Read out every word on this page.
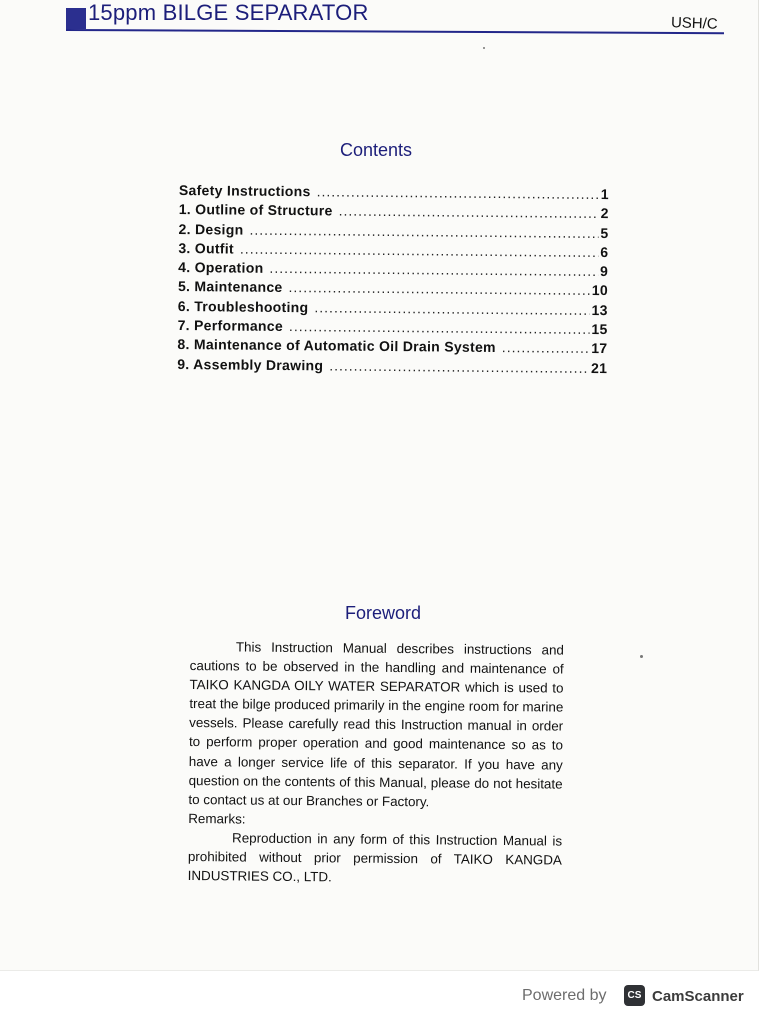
15ppm BILGE SEPARATOR	USH/C
Contents
Safety Instructions .....	1
1. Outline of Structure .....	2
2. Design .....	5
3. Outfit .....	6
4. Operation .....	9
5. Maintenance .....	10
6. Troubleshooting .....	13
7. Performance .....	15
8. Maintenance of Automatic Oil Drain System .....	17
9. Assembly Drawing .....	21
Foreword

This Instruction Manual describes instructions and cautions to be observed in the handling and maintenance of TAIKO KANGDA OILY WATER SEPARATOR which is used to treat the bilge produced primarily in the engine room for marine vessels. Please carefully read this Instruction manual in order to perform proper operation and good maintenance so as to have a longer service life of this separator. If you have any question on the contents of this Manual, please do not hesitate to contact us at our Branches or Factory.

Remarks:

Reproduction in any form of this Instruction Manual is prohibited without prior permission of TAIKO KANGDA INDUSTRIES CO., LTD.

Powered by	CS CamScanner
